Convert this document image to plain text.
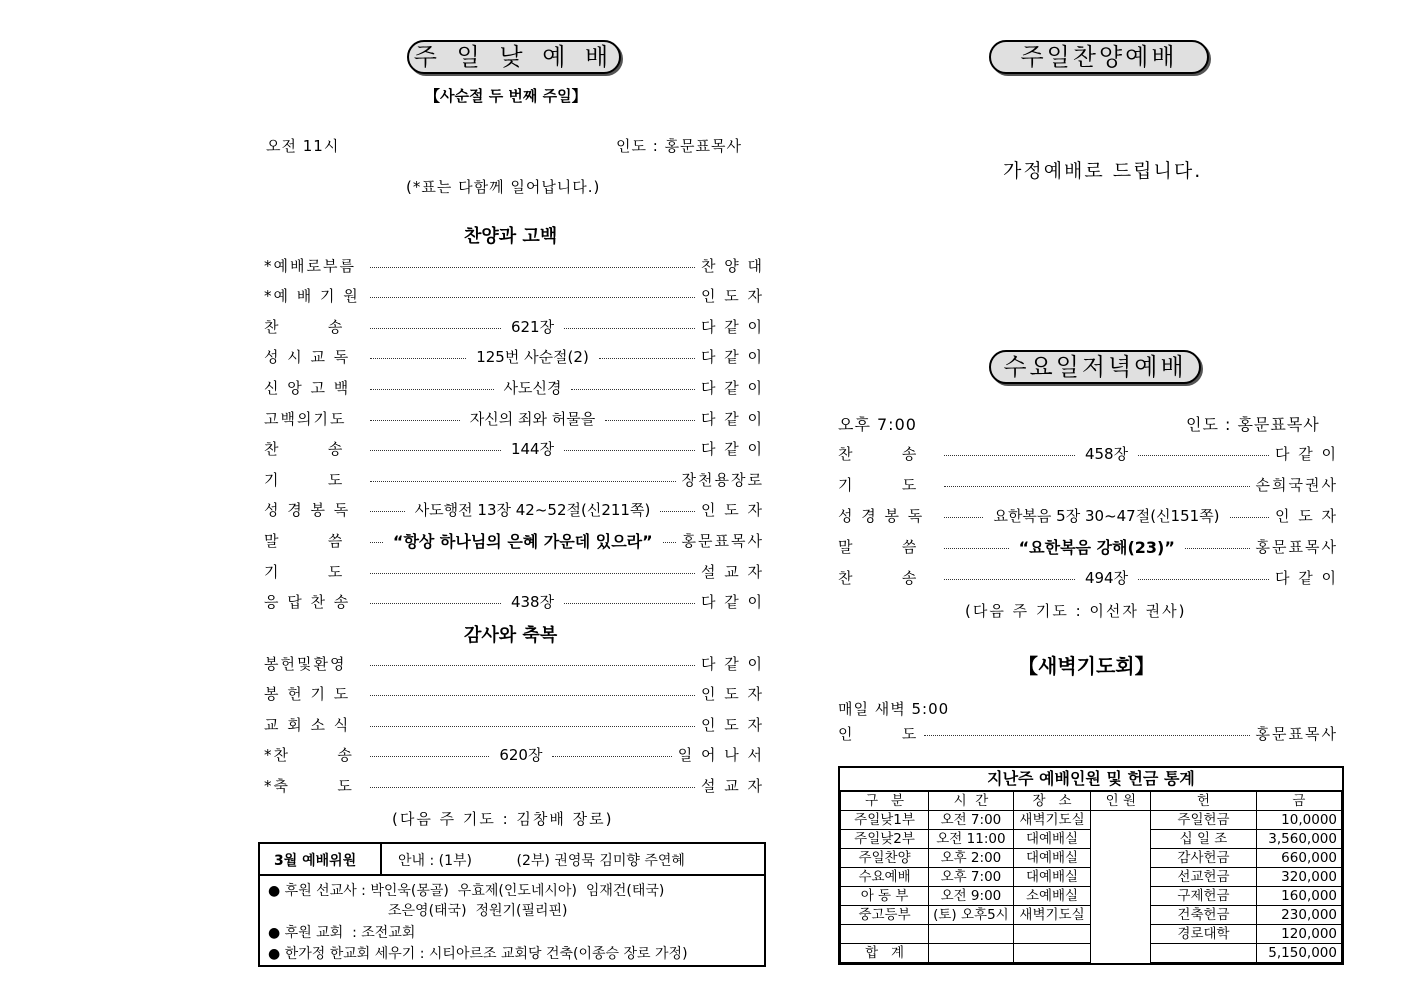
주 일 낮 예 배
【사순절 두 번째 주일】
오전 11시	인도 : 홍문표목사
(*표는 다함께 일어납니다.)
찬양과 고백
*예배로부름	찬 양 대
*예 배 기 원	인 도 자
찬       송	621장	다 같 이
성 시 교 독	125번 사순절(2)	다 같 이
신 앙 고 백	사도신경	다 같 이
고백의기도	자신의 죄와 허물을	다 같 이
찬       송	144장	다 같 이
기       도	장천용장로
성 경 봉 독	사도행전 13장 42~52절(신211쪽)	인 도 자
말       씀	“항상 하나님의 은혜 가운데 있으라” 홍문표목사
기       도	설 교 자
응 답 찬 송	438장	다 같 이
감사와 축복
봉헌및환영	다 같 이
봉 헌 기 도	인 도 자
교 회 소 식	인 도 자
*찬       송	620장	일 어 나 서
*축       도	설 교 자
(다음 주 기도 : 김창배 장로)
3월 예배위원	안내 : (1부)          (2부) 권영묵 김미향 주연혜
● 후원 선교사 : 박인욱(몽골)  우효제(인도네시아)  임재건(태국)
조은영(태국)  정원기(필리핀)
● 후원 교회  : 조전교회
● 한가정 한교회 세우기 : 시티아르조 교회당 건축(이종승 장로 가정)
주일찬양예배
가정예배로 드립니다.
수요일저녁예배
오후 7:00	인도 : 홍문표목사
찬       송	458장	다 같 이
기       도	손희국권사
성 경 봉 독	요한복음 5장 30~47절(신151쪽)	인 도 자
말       씀	“요한복음 강해(23)”	홍문표목사
찬       송	494장	다 같 이
(다음 주 기도 : 이선자 권사)
【새벽기도회】
매일 새벽 5:00
인       도	홍문표목사
지난주 예배인원 및 헌금 통계
구   분	시  간	장   소	인 원	헌	금
주일낮1부	오전 7:00	새벽기도실		주일헌금	10,0000
주일낮2부	오전 11:00	대예배실		십 일 조	3,560,000
주일찬양	오후 2:00	대예배실		감사헌금	660,000
수요예배	오후 7:00	대예배실		선교헌금	320,000
아 동 부	오전 9:00	소예배실		구제헌금	160,000
중고등부	(토) 오후5시	새벽기도실		건축헌금	230,000
				경로대학	120,000
합   계					5,150,000
